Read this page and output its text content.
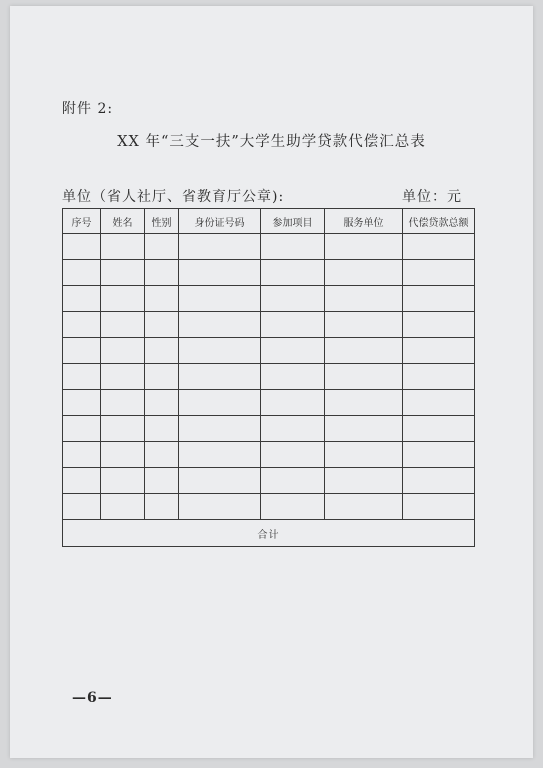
附件 2:
XX 年“三支一扶”大学生助学贷款代偿汇总表
单位（省人社厅、省教育厅公章):	单位：元
序号	姓名	性别	身份证号码	参加项目	服务单位	代偿贷款总额

合计						
—6—
